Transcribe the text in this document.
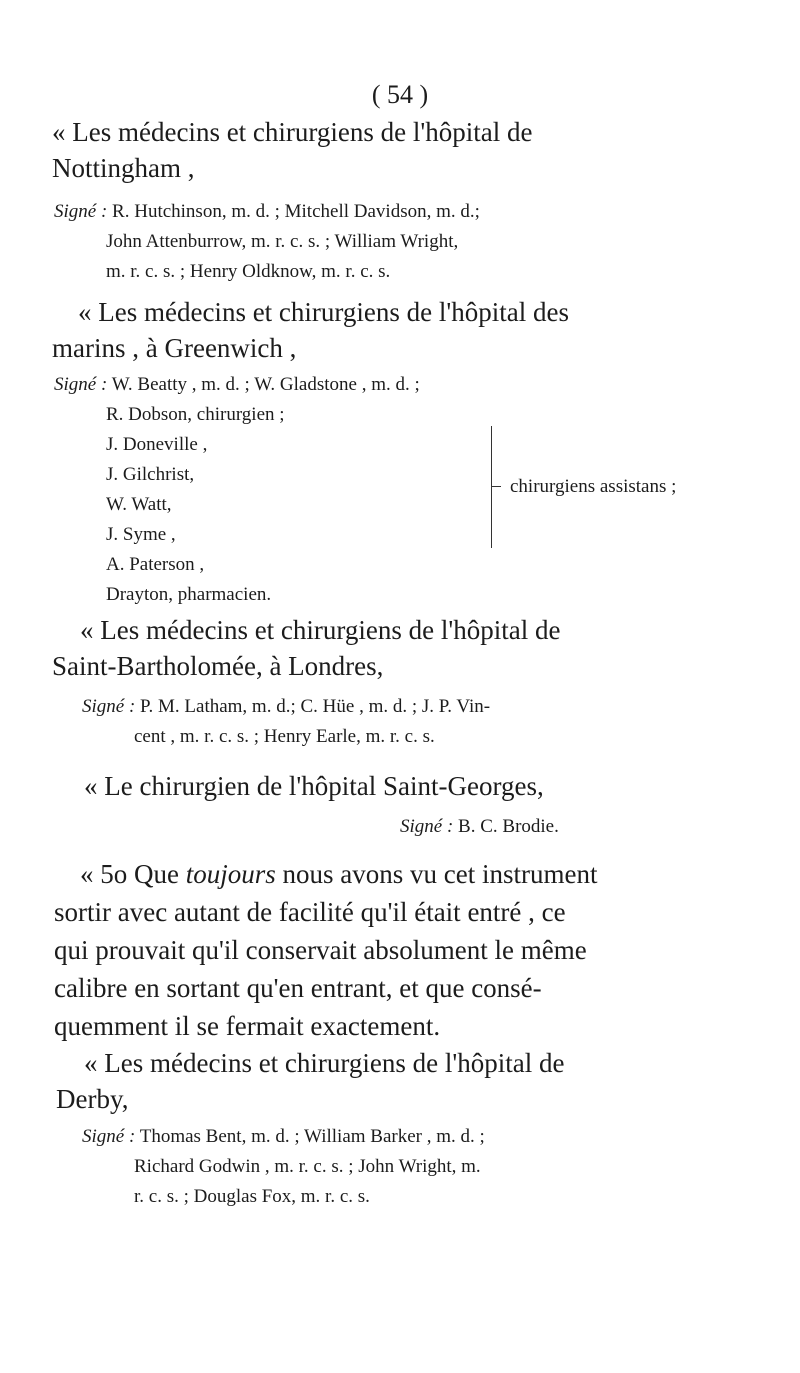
( 54 )
« Les médecins et chirurgiens de l'hôpital de
Nottingham ,
Signé : R. Hutchinson, m. d. ; Mitchell Davidson, m. d.;
John Attenburrow, m. r. c. s. ; William Wright,
m. r. c. s. ; Henry Oldknow, m. r. c. s.
« Les médecins et chirurgiens de l'hôpital des
marins , à Greenwich ,
Signé : W. Beatty , m. d. ; W. Gladstone , m. d. ;
R. Dobson, chirurgien ;
J. Doneville ,
J. Gilchrist,
W. Watt,
J. Syme ,
A. Paterson ,
Drayton, pharmacien.
chirurgiens assistans ;
« Les médecins et chirurgiens de l'hôpital de
Saint-Bartholomée, à Londres,
Signé : P. M. Latham, m. d.; C. Hüe , m. d. ; J. P. Vin-
cent , m. r. c. s. ; Henry Earle, m. r. c. s.
« Le chirurgien de l'hôpital Saint-Georges,
Signé : B. C. Brodie.
« 5o Que toujours nous avons vu cet instrument
sortir avec autant de facilité qu'il était entré , ce
qui prouvait qu'il conservait absolument le même
calibre en sortant qu'en entrant, et que consé-
quemment il se fermait exactement.
« Les médecins et chirurgiens de l'hôpital de
Derby,
Signé : Thomas Bent, m. d. ; William Barker , m. d. ;
Richard Godwin , m. r. c. s. ; John Wright, m.
r. c. s. ; Douglas Fox, m. r. c. s.
